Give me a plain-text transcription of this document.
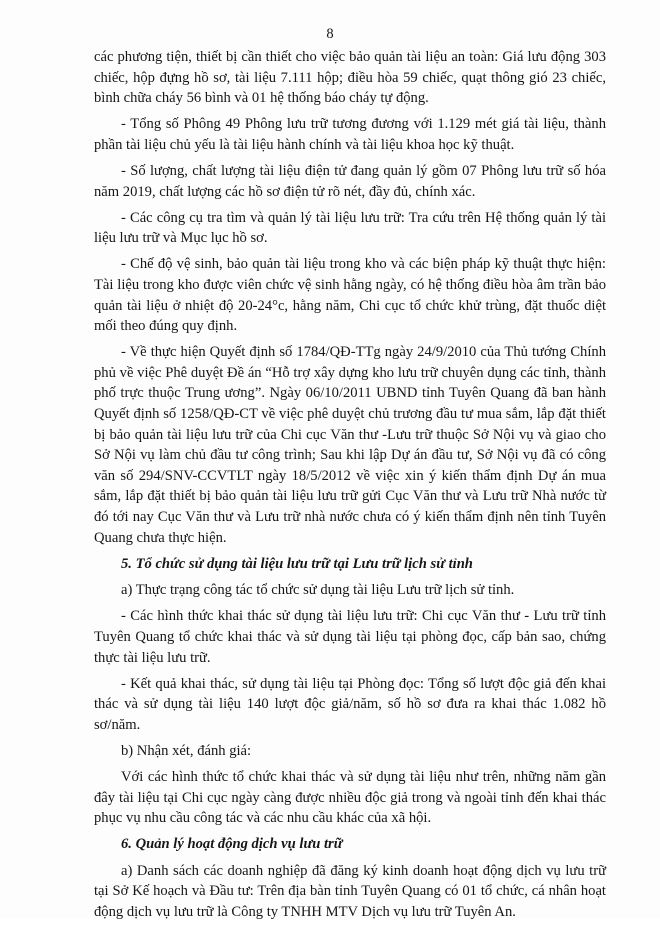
8

các phương tiện, thiết bị cần thiết cho việc bảo quản tài liệu an toàn: Giá lưu động 303 chiếc, hộp đựng hồ sơ, tài liệu 7.111 hộp; điều hòa 59 chiếc, quạt thông gió 23 chiếc, bình chữa cháy 56 bình và 01 hệ thống báo cháy tự động.

- Tổng số Phông 49 Phông lưu trữ tương đương với 1.129 mét giá tài liệu, thành phần tài liệu chủ yếu là tài liệu hành chính và tài liệu khoa học kỹ thuật.

- Số lượng, chất lượng tài liệu điện tử đang quản lý gồm 07 Phông lưu trữ số hóa năm 2019, chất lượng các hồ sơ điện tử rõ nét, đầy đủ, chính xác.

- Các công cụ tra tìm và quản lý tài liệu lưu trữ: Tra cứu trên Hệ thống quản lý tài liệu lưu trữ và Mục lục hồ sơ.

- Chế độ vệ sinh, bảo quản tài liệu trong kho và các biện pháp kỹ thuật thực hiện: Tài liệu trong kho được viên chức vệ sinh hằng ngày, có hệ thống điều hòa âm trần bảo quản tài liệu ở nhiệt độ 20-24°c, hằng năm, Chi cục tổ chức khử trùng, đặt thuốc diệt mối theo đúng quy định.

- Về thực hiện Quyết định số 1784/QĐ-TTg ngày 24/9/2010 của Thủ tướng Chính phủ về việc Phê duyệt Đề án “Hỗ trợ xây dựng kho lưu trữ chuyên dụng các tỉnh, thành phố trực thuộc Trung ương”. Ngày 06/10/2011 UBND tỉnh Tuyên Quang đã ban hành Quyết định số 1258/QĐ-CT về việc phê duyệt chủ trương đầu tư mua sắm, lắp đặt thiết bị bảo quản tài liệu lưu trữ của Chi cục Văn thư -Lưu trữ thuộc Sở Nội vụ và giao cho Sở Nội vụ làm chủ đầu tư công trình; Sau khi lập Dự án đầu tư, Sở Nội vụ đã có công văn số 294/SNV-CCVTLT ngày 18/5/2012 về việc xin ý kiến thẩm định Dự án mua sắm, lắp đặt thiết bị bảo quản tài liệu lưu trữ gửi Cục Văn thư và Lưu trữ Nhà nước từ đó tới nay Cục Văn thư và Lưu trữ nhà nước chưa có ý kiến thẩm định nên tỉnh Tuyên Quang chưa thực hiện.

5. Tổ chức sử dụng tài liệu lưu trữ tại Lưu trữ lịch sử tỉnh

a) Thực trạng công tác tổ chức sử dụng tài liệu Lưu trữ lịch sử tỉnh.

- Các hình thức khai thác sử dụng tài liệu lưu trữ: Chi cục Văn thư - Lưu trữ tỉnh Tuyên Quang tổ chức khai thác và sử dụng tài liệu tại phòng đọc, cấp bản sao, chứng thực tài liệu lưu trữ.

- Kết quả khai thác, sử dụng tài liệu tại Phòng đọc: Tổng số lượt độc giả đến khai thác và sử dụng tài liệu 140 lượt độc giả/năm, số hồ sơ đưa ra khai thác 1.082 hồ sơ/năm.

b) Nhận xét, đánh giá:

Với các hình thức tổ chức khai thác và sử dụng tài liệu như trên, những năm gần đây tài liệu tại Chi cục ngày càng được nhiều độc giả trong và ngoài tỉnh đến khai thác phục vụ nhu cầu công tác và các nhu cầu khác của xã hội.

6. Quản lý hoạt động dịch vụ lưu trữ

a) Danh sách các doanh nghiệp đã đăng ký kinh doanh hoạt động dịch vụ lưu trữ tại Sở Kế hoạch và Đầu tư: Trên địa bàn tỉnh Tuyên Quang có 01 tổ chức, cá nhân hoạt động dịch vụ lưu trữ là Công ty TNHH MTV Dịch vụ lưu trữ Tuyên An.
